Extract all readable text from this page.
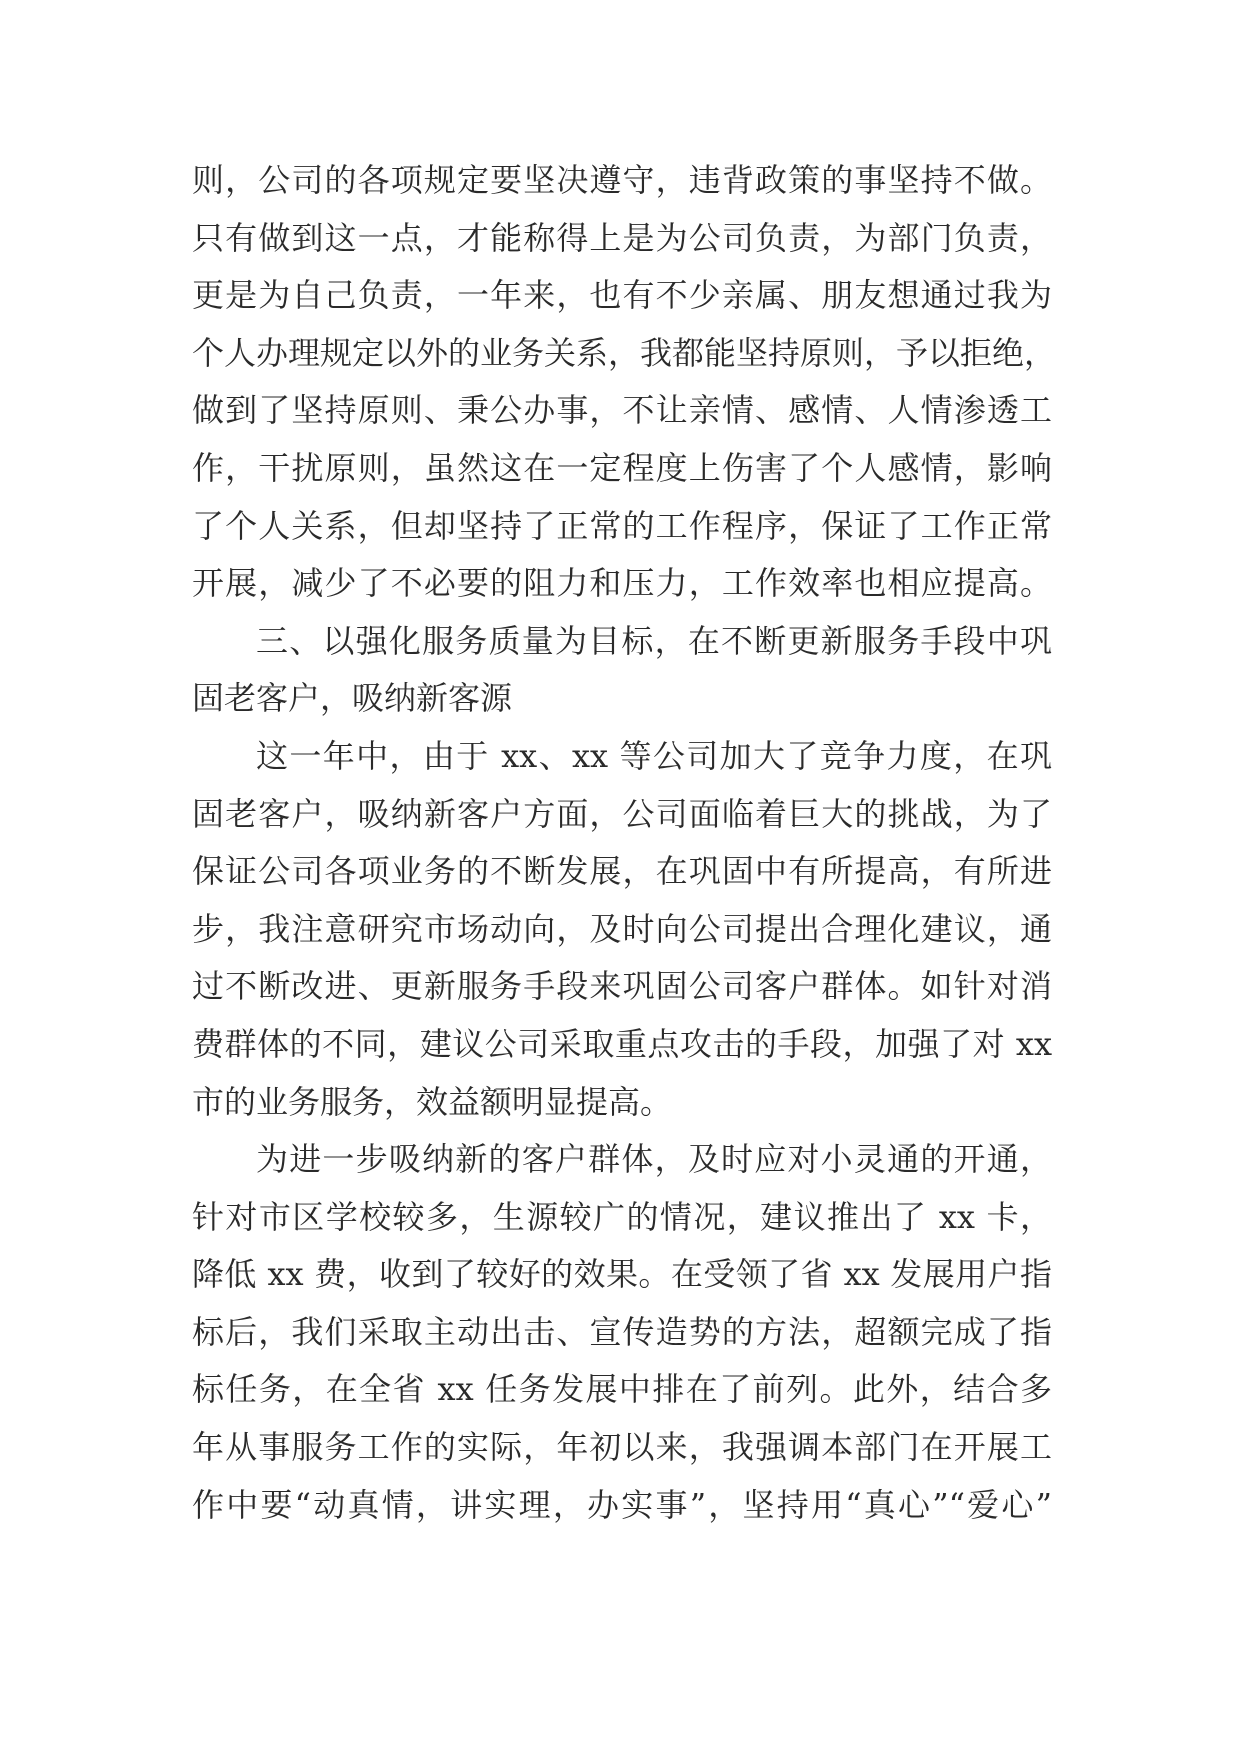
则，公司的各项规定要坚决遵守，违背政策的事坚持不做。
只有做到这一点，才能称得上是为公司负责，为部门负责，
更是为自己负责，一年来，也有不少亲属、朋友想通过我为
个人办理规定以外的业务关系，我都能坚持原则，予以拒绝，
做到了坚持原则、秉公办事，不让亲情、感情、人情渗透工
作，干扰原则，虽然这在一定程度上伤害了个人感情，影响
了个人关系，但却坚持了正常的工作程序，保证了工作正常
开展，减少了不必要的阻力和压力，工作效率也相应提高。
三、以强化服务质量为目标，在不断更新服务手段中巩
固老客户，吸纳新客源
这一年中，由于 xx、xx 等公司加大了竞争力度，在巩
固老客户，吸纳新客户方面，公司面临着巨大的挑战，为了
保证公司各项业务的不断发展，在巩固中有所提高，有所进
步，我注意研究市场动向，及时向公司提出合理化建议，通
过不断改进、更新服务手段来巩固公司客户群体。如针对消
费群体的不同，建议公司采取重点攻击的手段，加强了对 xx
市的业务服务，效益额明显提高。
为进一步吸纳新的客户群体，及时应对小灵通的开通，
针对市区学校较多，生源较广的情况，建议推出了 xx 卡，
降低 xx 费，收到了较好的效果。在受领了省 xx 发展用户指
标后，我们采取主动出击、宣传造势的方法，超额完成了指
标任务，在全省 xx 任务发展中排在了前列。此外，结合多
年从事服务工作的实际，年初以来，我强调本部门在开展工
作中要“动真情，讲实理，办实事”，坚持用“真心”“爱心”
